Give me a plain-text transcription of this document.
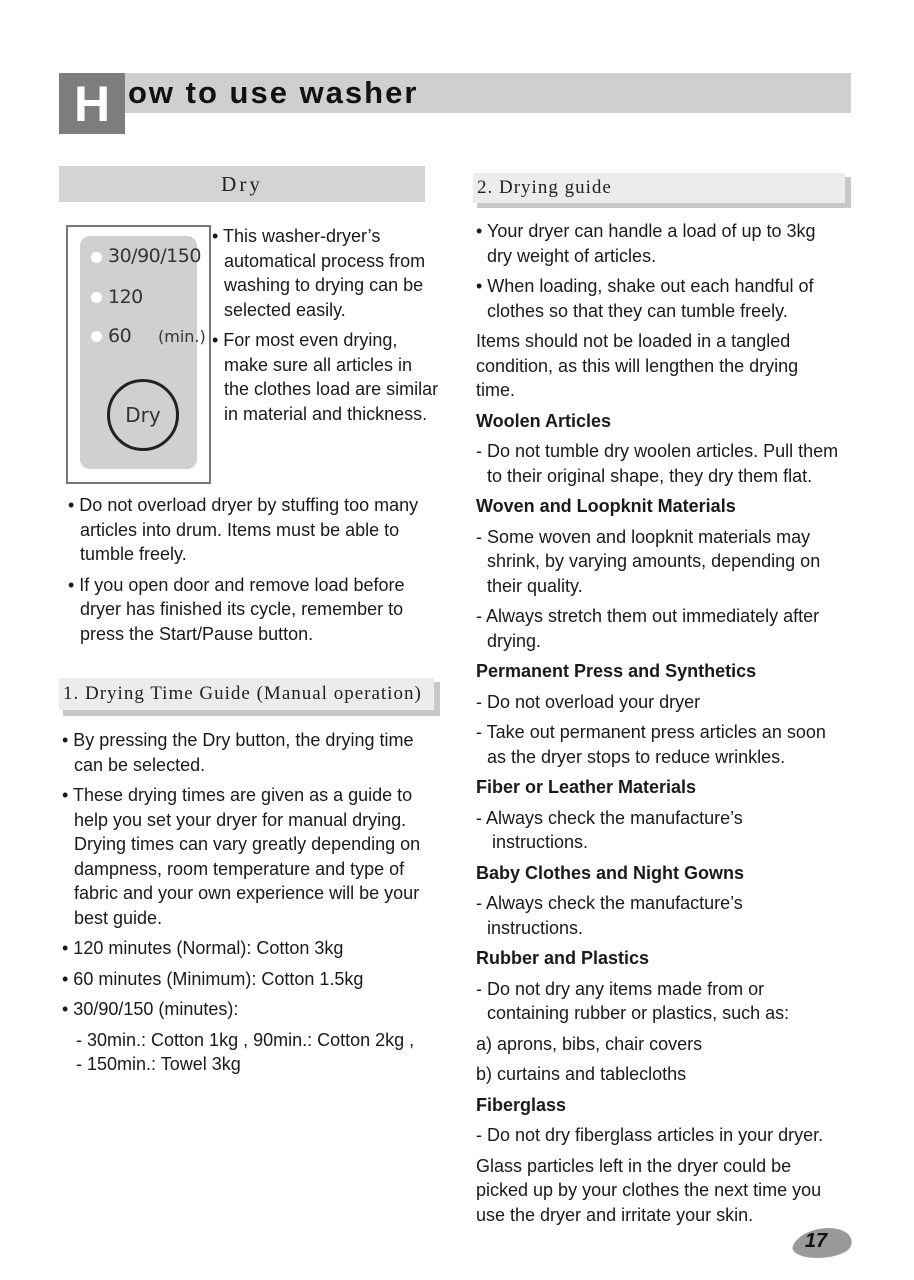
H ow to use washer
Dry
30/90/150
120
60 (min.)
Dry
• This washer-dryer’s
automatical process from
washing to drying can be
selected easily.
• For most even drying,
make sure all articles in
the clothes load are similar
in material and thickness.
• Do not overload dryer by stuffing too many
articles into drum. Items must be able to
tumble freely.
• If you open door and remove load before
dryer has finished its cycle, remember to
press the Start/Pause button.
1. Drying Time Guide (Manual operation)
• By pressing the Dry button, the drying time
can be selected.
• These drying times are given as a guide to
help you set your dryer for manual drying.
Drying times can vary greatly depending on
dampness, room temperature and type of
fabric and your own experience will be your
best guide.
• 120 minutes (Normal): Cotton 3kg
• 60 minutes (Minimum): Cotton 1.5kg
• 30/90/150 (minutes):
- 30min.: Cotton 1kg , 90min.: Cotton 2kg ,
- 150min.: Towel 3kg
2. Drying guide
• Your dryer can handle a load of up to 3kg
dry weight of articles.
• When loading, shake out each handful of
clothes so that they can tumble freely.
Items should not be loaded in a tangled
condition, as this will lengthen the drying
time.
Woolen Articles
- Do not tumble dry woolen articles. Pull them
to their original shape, they dry them flat.
Woven and Loopknit Materials
- Some woven and loopknit materials may
shrink, by varying amounts, depending on
their quality.
- Always stretch them out immediately after
drying.
Permanent Press and Synthetics
- Do not overload your dryer
- Take out permanent press articles an soon
as the dryer stops to reduce wrinkles.
Fiber or Leather Materials
- Always check the manufacture’s
instructions.
Baby Clothes and Night Gowns
- Always check the manufacture’s
instructions.
Rubber and Plastics
- Do not dry any items made from or
containing rubber or plastics, such as:
a) aprons, bibs, chair covers
b) curtains and tablecloths
Fiberglass
- Do not dry fiberglass articles in your dryer.
Glass particles left in the dryer could be
picked up by your clothes the next time you
use the dryer and irritate your skin.
17
